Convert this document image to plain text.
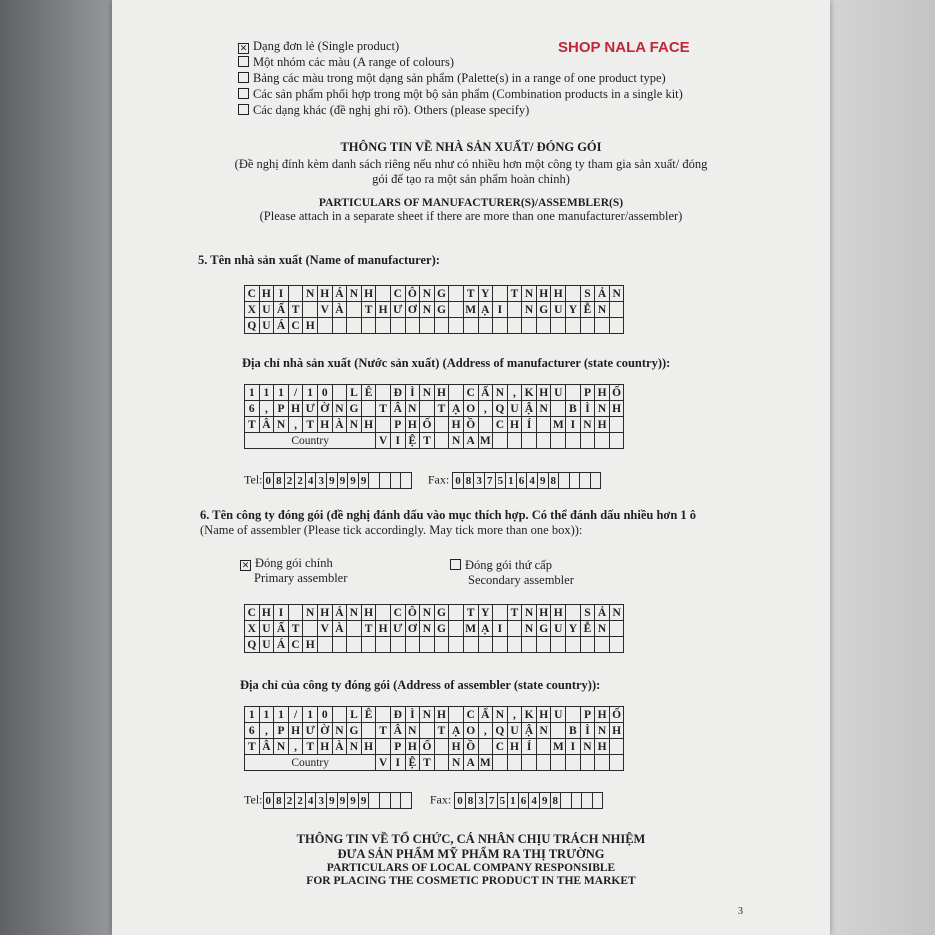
✕ Dạng đơn lẻ (Single product)
Một nhóm các màu (A range of colours)
Bảng các màu trong một dạng sản phẩm (Palette(s) in a range of one product type)
Các sản phẩm phối hợp trong một bộ sản phẩm (Combination products in a single kit)
Các dạng khác (đề nghị ghi rõ). Others (please specify)
SHOP NALA FACE
THÔNG TIN VỀ NHÀ SẢN XUẤT/ ĐÓNG GÓI
(Đề nghị đính kèm danh sách riêng nếu như có nhiều hơn một công ty tham gia sản xuất/ đóng
gói để tạo ra một sản phẩm hoàn chỉnh)
PARTICULARS OF MANUFACTURER(S)/ASSEMBLER(S)
(Please attach in a separate sheet if there are more than one manufacturer/assembler)
5. Tên nhà sản xuất (Name of manufacturer):
C	H	I		N	H	Á	N	H		C	Ô	N	G		T	Y		T	N	H	H		S	Ả	N
X	U	Ấ	T		V	À		T	H	Ư	Ơ	N	G		M	Ạ	I		N	G	U	Y	Ễ	N	
Q	U	Á	C	H																					
Địa chỉ nhà sản xuất (Nước sản xuất) (Address of manufacturer (state country)):
1	1	1	/	1	0		L	Ê		Đ	Ì	N	H		C	Ẩ	N	,	K	H	U		P	H	Ố
6	,	P	H	Ư	Ờ	N	G		T	Â	N		T	Ạ	O	,	Q	U	Ậ	N		B	Ì	N	H
T	Â	N	,	T	H	À	N	H		P	H	Ố		H	Ồ		C	H	Í		M	I	N	H	
Country									V	I	Ệ	T		N	A	M									
Tel: 0	8	2	2	4	3	9	9	9	9					Fax: 0	8	3	7	5	1	6	4	9	8				
6. Tên công ty đóng gói (đề nghị đánh dấu vào mục thích hợp. Có thể đánh dấu nhiều hơn 1 ô
(Name of assembler (Please tick accordingly. May tick more than one box)):
✕ Đóng gói chính
Primary assembler
Đóng gói thứ cấp
Secondary assembler
C	H	I		N	H	Á	N	H		C	Ô	N	G		T	Y		T	N	H	H		S	Ả	N
X	U	Ấ	T		V	À		T	H	Ư	Ơ	N	G		M	Ạ	I		N	G	U	Y	Ễ	N	
Q	U	Á	C	H																					
Địa chỉ của công ty đóng gói (Address of assembler (state country)):
1	1	1	/	1	0		L	Ê		Đ	Ì	N	H		C	Ẩ	N	,	K	H	U		P	H	Ố
6	,	P	H	Ư	Ờ	N	G		T	Â	N		T	Ạ	O	,	Q	U	Ậ	N		B	Ì	N	H
T	Â	N	,	T	H	À	N	H		P	H	Ố		H	Ồ		C	H	Í		M	I	N	H	
Country									V	I	Ệ	T		N	A	M									
Tel: 0	8	2	2	4	3	9	9	9	9					Fax: 0	8	3	7	5	1	6	4	9	8				
THÔNG TIN VỀ TỔ CHỨC, CÁ NHÂN CHỊU TRÁCH NHIỆM
ĐƯA SẢN PHẨM MỸ PHẨM RA THỊ TRƯỜNG
PARTICULARS OF LOCAL COMPANY RESPONSIBLE
FOR PLACING THE COSMETIC PRODUCT IN THE MARKET
3
